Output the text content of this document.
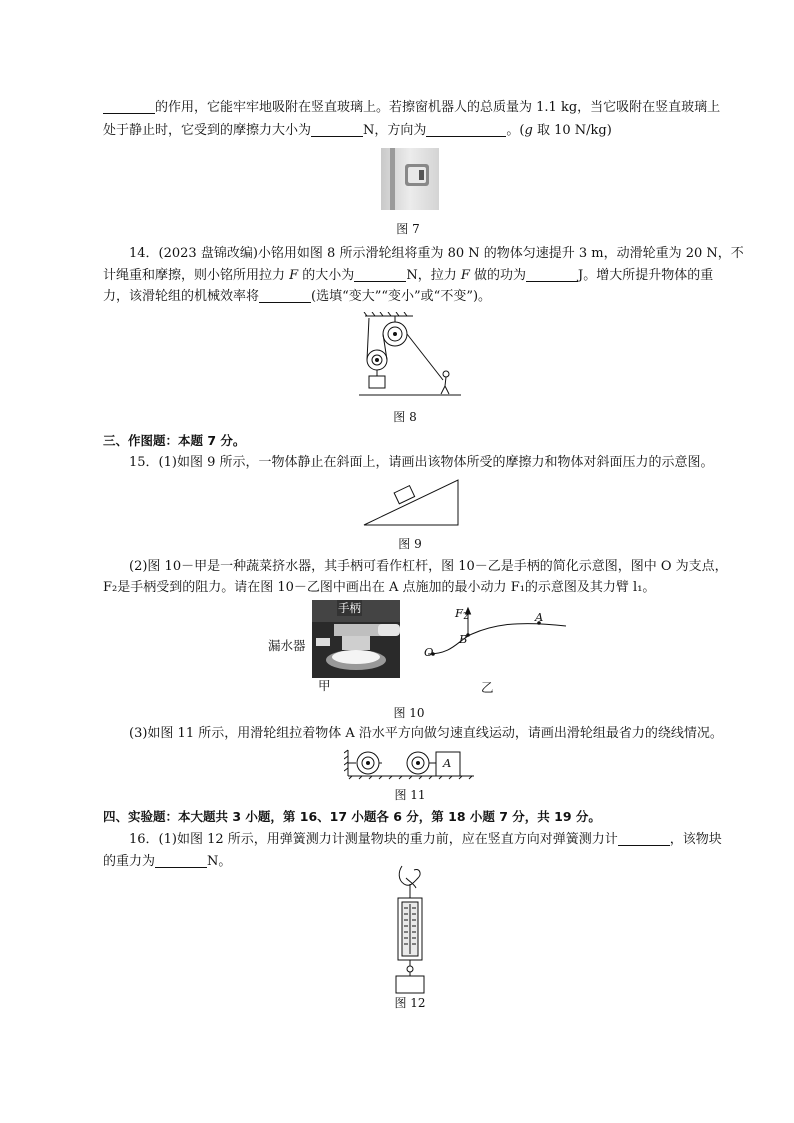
的作用，它能牢牢地吸附在竖直玻璃上。若擦窗机器人的总质量为 1.1 kg，当它吸附在竖直玻璃上
处于静止时，它受到的摩擦力大小为	N，方向为	。(g 取 10 N/kg)
图 7
14．(2023 盘锦改编)小铭用如图 8 所示滑轮组将重为 80 N 的物体匀速提升 3 m，动滑轮重为 20 N，不
计绳重和摩擦，则小铭所用拉力 F 的大小为	N，拉力 F 做的功为	J。增大所提升物体的重
力，该滑轮组的机械效率将	(选填“变大”“变小”或“不变”)。
图 8
三、作图题：本题 7 分。
15．(1)如图 9 所示，一物体静止在斜面上，请画出该物体所受的摩擦力和物体对斜面压力的示意图。
图 9
(2)图 10－甲是一种蔬菜挤水器，其手柄可看作杠杆，图 10－乙是手柄的简化示意图，图中 O 为支点，
F₂是手柄受到的阻力。请在图 10－乙图中画出在 A 点施加的最小动力 F₁的示意图及其力臂 l₁。
手柄
漏水器
甲
$F_2$
B
A
O
乙
图 10
(3)如图 11 所示，用滑轮组拉着物体 A 沿水平方向做匀速直线运动，请画出滑轮组最省力的绕线情况。
A
图 11
四、实验题：本大题共 3 小题，第 16、17 小题各 6 分，第 18 小题 7 分，共 19 分。
16．(1)如图 12 所示，用弹簧测力计测量物块的重力前，应在竖直方向对弹簧测力计	，该物块
的重力为	N。
图 12
